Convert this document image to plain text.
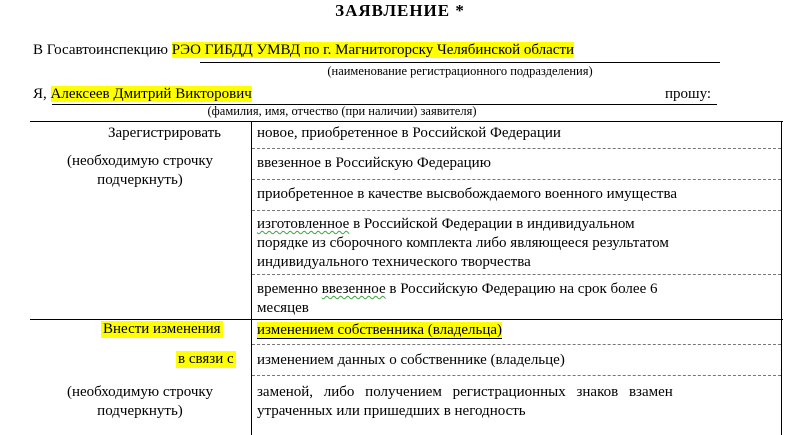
ЗАЯВЛЕНИЕ *
В Госавтоинспекцию РЭО ГИБДД УМВД по г. Магнитогорску Челябинской области
(наименование регистрационного подразделения)
Я, Алексеев Дмитрий Викторович	прошу:
(фамилия, имя, отчество (при наличии) заявителя)
Зарегистрировать
(необходимую строчку
подчеркнуть)
новое, приобретенное в Российской Федерации
ввезенное в Российскую Федерацию
приобретенное в качестве высвобождаемого военного имущества
изготовленное в Российской Федерации в индивидуальном
порядке из сборочного комплекта либо являющееся результатом
индивидуального технического творчества
временно ввезенное в Российскую Федерацию на срок более 6
месяцев
Внести изменения
в связи с
(необходимую строчку
подчеркнуть)
изменением собственника (владельца)
изменением данных о собственнике (владельце)
заменой, либо получением регистрационных знаков взамен
утраченных или пришедших в негодность
